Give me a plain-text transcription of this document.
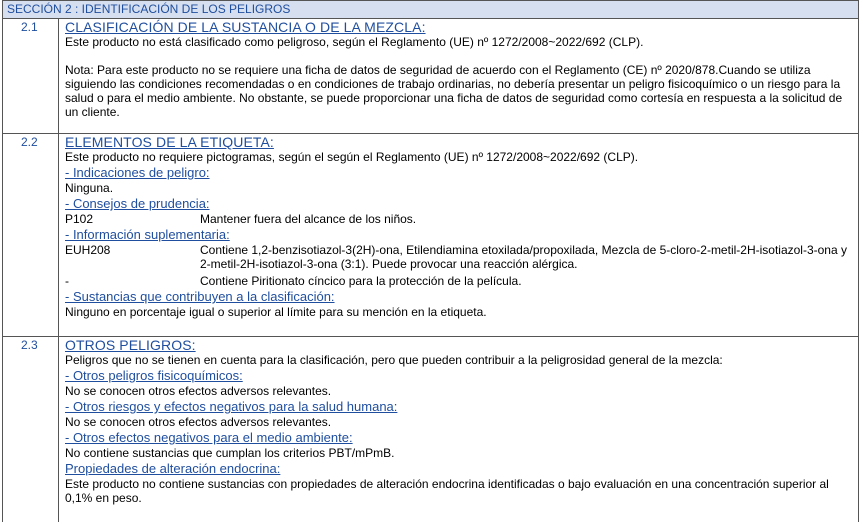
SECCIÓN 2 : IDENTIFICACIÓN DE LOS PELIGROS
2.1	CLASIFICACIÓN DE LA SUSTANCIA O DE LA MEZCLA:
Este producto no está clasificado como peligroso, según el Reglamento (UE) nº 1272/2008~2022/692 (CLP).
Nota: Para este producto no se requiere una ficha de datos de seguridad de acuerdo con el Reglamento (CE) nº 2020/878.Cuando se utiliza siguiendo las condiciones recomendadas o en condiciones de trabajo ordinarias, no debería presentar un peligro fisicoquímico o un riesgo para la salud o para el medio ambiente. No obstante, se puede proporcionar una ficha de datos de seguridad como cortesía en respuesta a la solicitud de un cliente.
2.2	ELEMENTOS DE LA ETIQUETA:
Este producto no requiere pictogramas, según el según el Reglamento (UE) nº 1272/2008~2022/692 (CLP).
- Indicaciones de peligro:
Ninguna.
- Consejos de prudencia:
P102	Mantener fuera del alcance de los niños.
- Información suplementaria:
EUH208	Contiene 1,2-benzisotiazol-3(2H)-ona, Etilendiamina etoxilada/propoxilada, Mezcla de 5-cloro-2-metil-2H-isotiazol-3-ona y 2-metil-2H-isotiazol-3-ona (3:1). Puede provocar una reacción alérgica.
-	Contiene Piritionato cíncico para la protección de la película.
- Sustancias que contribuyen a la clasificación:
Ninguno en porcentaje igual o superior al límite para su mención en la etiqueta.
2.3	OTROS PELIGROS:
Peligros que no se tienen en cuenta para la clasificación, pero que pueden contribuir a la peligrosidad general de la mezcla:
- Otros peligros fisicoquímicos:
No se conocen otros efectos adversos relevantes.
- Otros riesgos y efectos negativos para la salud humana:
No se conocen otros efectos adversos relevantes.
- Otros efectos negativos para el medio ambiente:
No contiene sustancias que cumplan los criterios PBT/mPmB.
Propiedades de alteración endocrina:
Este producto no contiene sustancias con propiedades de alteración endocrina identificadas o bajo evaluación en una concentración superior al 0,1% en peso.
